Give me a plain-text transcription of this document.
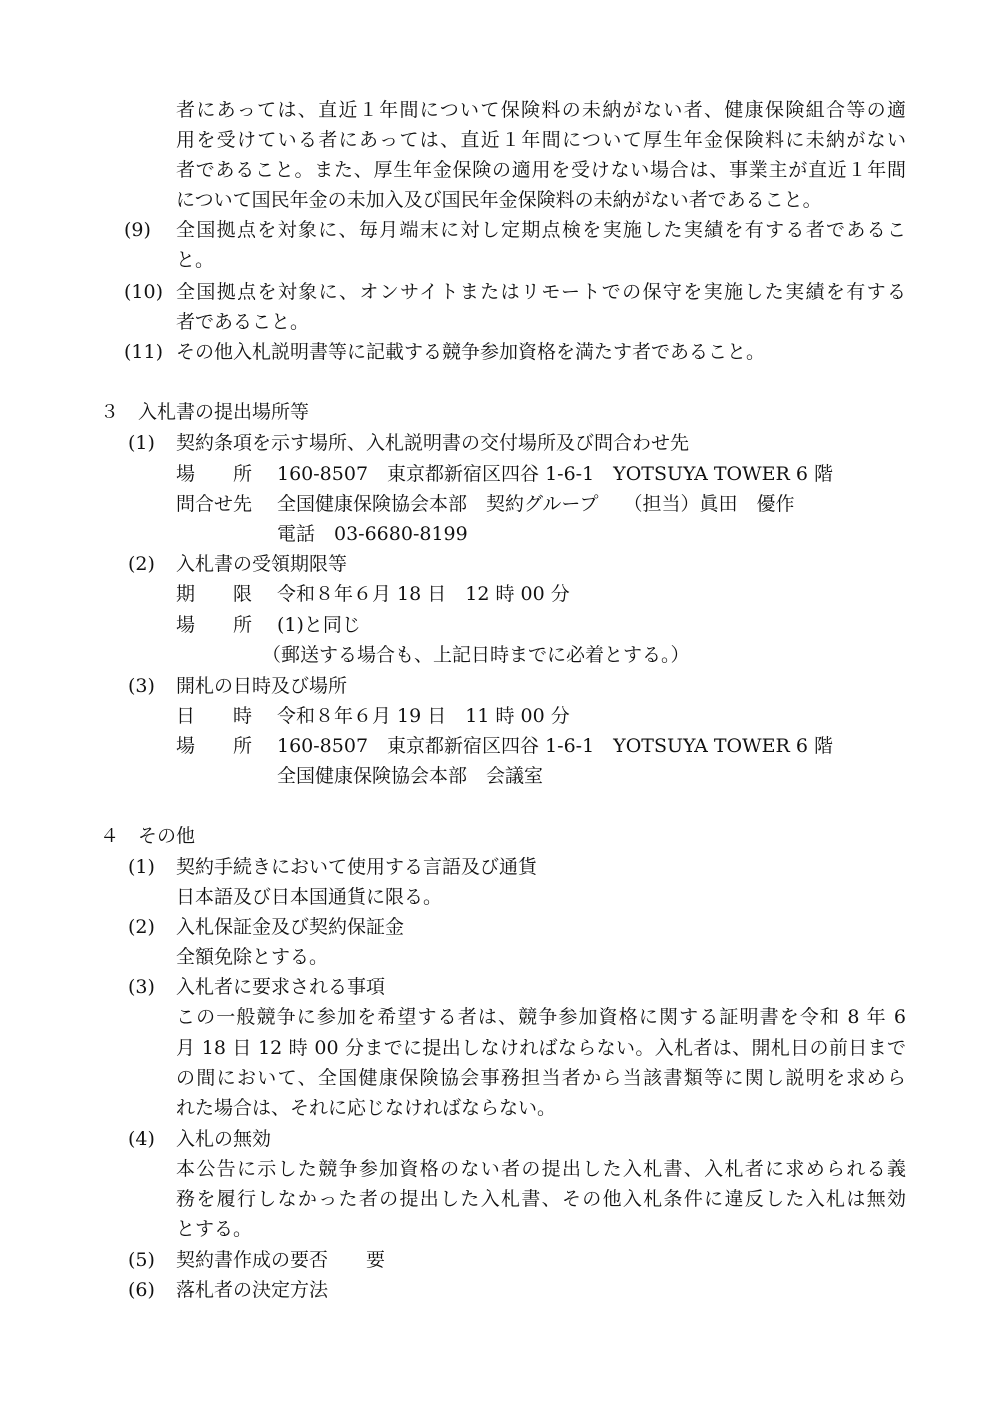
者にあっては、直近１年間について保険料の未納がない者、健康保険組合等の適
用を受けている者にあっては、直近１年間について厚生年金保険料に未納がない
者であること。また、厚生年金保険の適用を受けない場合は、事業主が直近１年間
について国民年金の未加入及び国民年金保険料の未納がない者であること。
(9) 全国拠点を対象に、毎月端末に対し定期点検を実施した実績を有する者であるこ
と。
(10) 全国拠点を対象に、オンサイトまたはリモートでの保守を実施した実績を有する
者であること。
(11) その他入札説明書等に記載する競争参加資格を満たす者であること。
３　入札書の提出場所等
(1) 契約条項を示す場所、入札説明書の交付場所及び問合わせ先
場　　所 160-8507　東京都新宿区四谷 1-6-1　YOTSUYA TOWER 6 階
問合せ先 全国健康保険協会本部　契約グループ　 （担当）眞田　優作
電話　03-6680-8199
(2) 入札書の受領期限等
期　　限 令和８年６月 18 日　12 時 00 分
場　　所 (1)と同じ
（郵送する場合も、上記日時までに必着とする。）
(3) 開札の日時及び場所
日　　時 令和８年６月 19 日　11 時 00 分
場　　所 160-8507　東京都新宿区四谷 1-6-1　YOTSUYA TOWER 6 階
全国健康保険協会本部　会議室
４　その他
(1) 契約手続きにおいて使用する言語及び通貨
日本語及び日本国通貨に限る。
(2) 入札保証金及び契約保証金
全額免除とする。
(3) 入札者に要求される事項
この一般競争に参加を希望する者は、競争参加資格に関する証明書を令和 8 年 6
月 18 日 12 時 00 分までに提出しなければならない。入札者は、開札日の前日まで
の間において、全国健康保険協会事務担当者から当該書類等に関し説明を求めら
れた場合は、それに応じなければならない。
(4) 入札の無効
本公告に示した競争参加資格のない者の提出した入札書、入札者に求められる義
務を履行しなかった者の提出した入札書、その他入札条件に違反した入札は無効
とする。
(5) 契約書作成の要否　　要
(6) 落札者の決定方法
